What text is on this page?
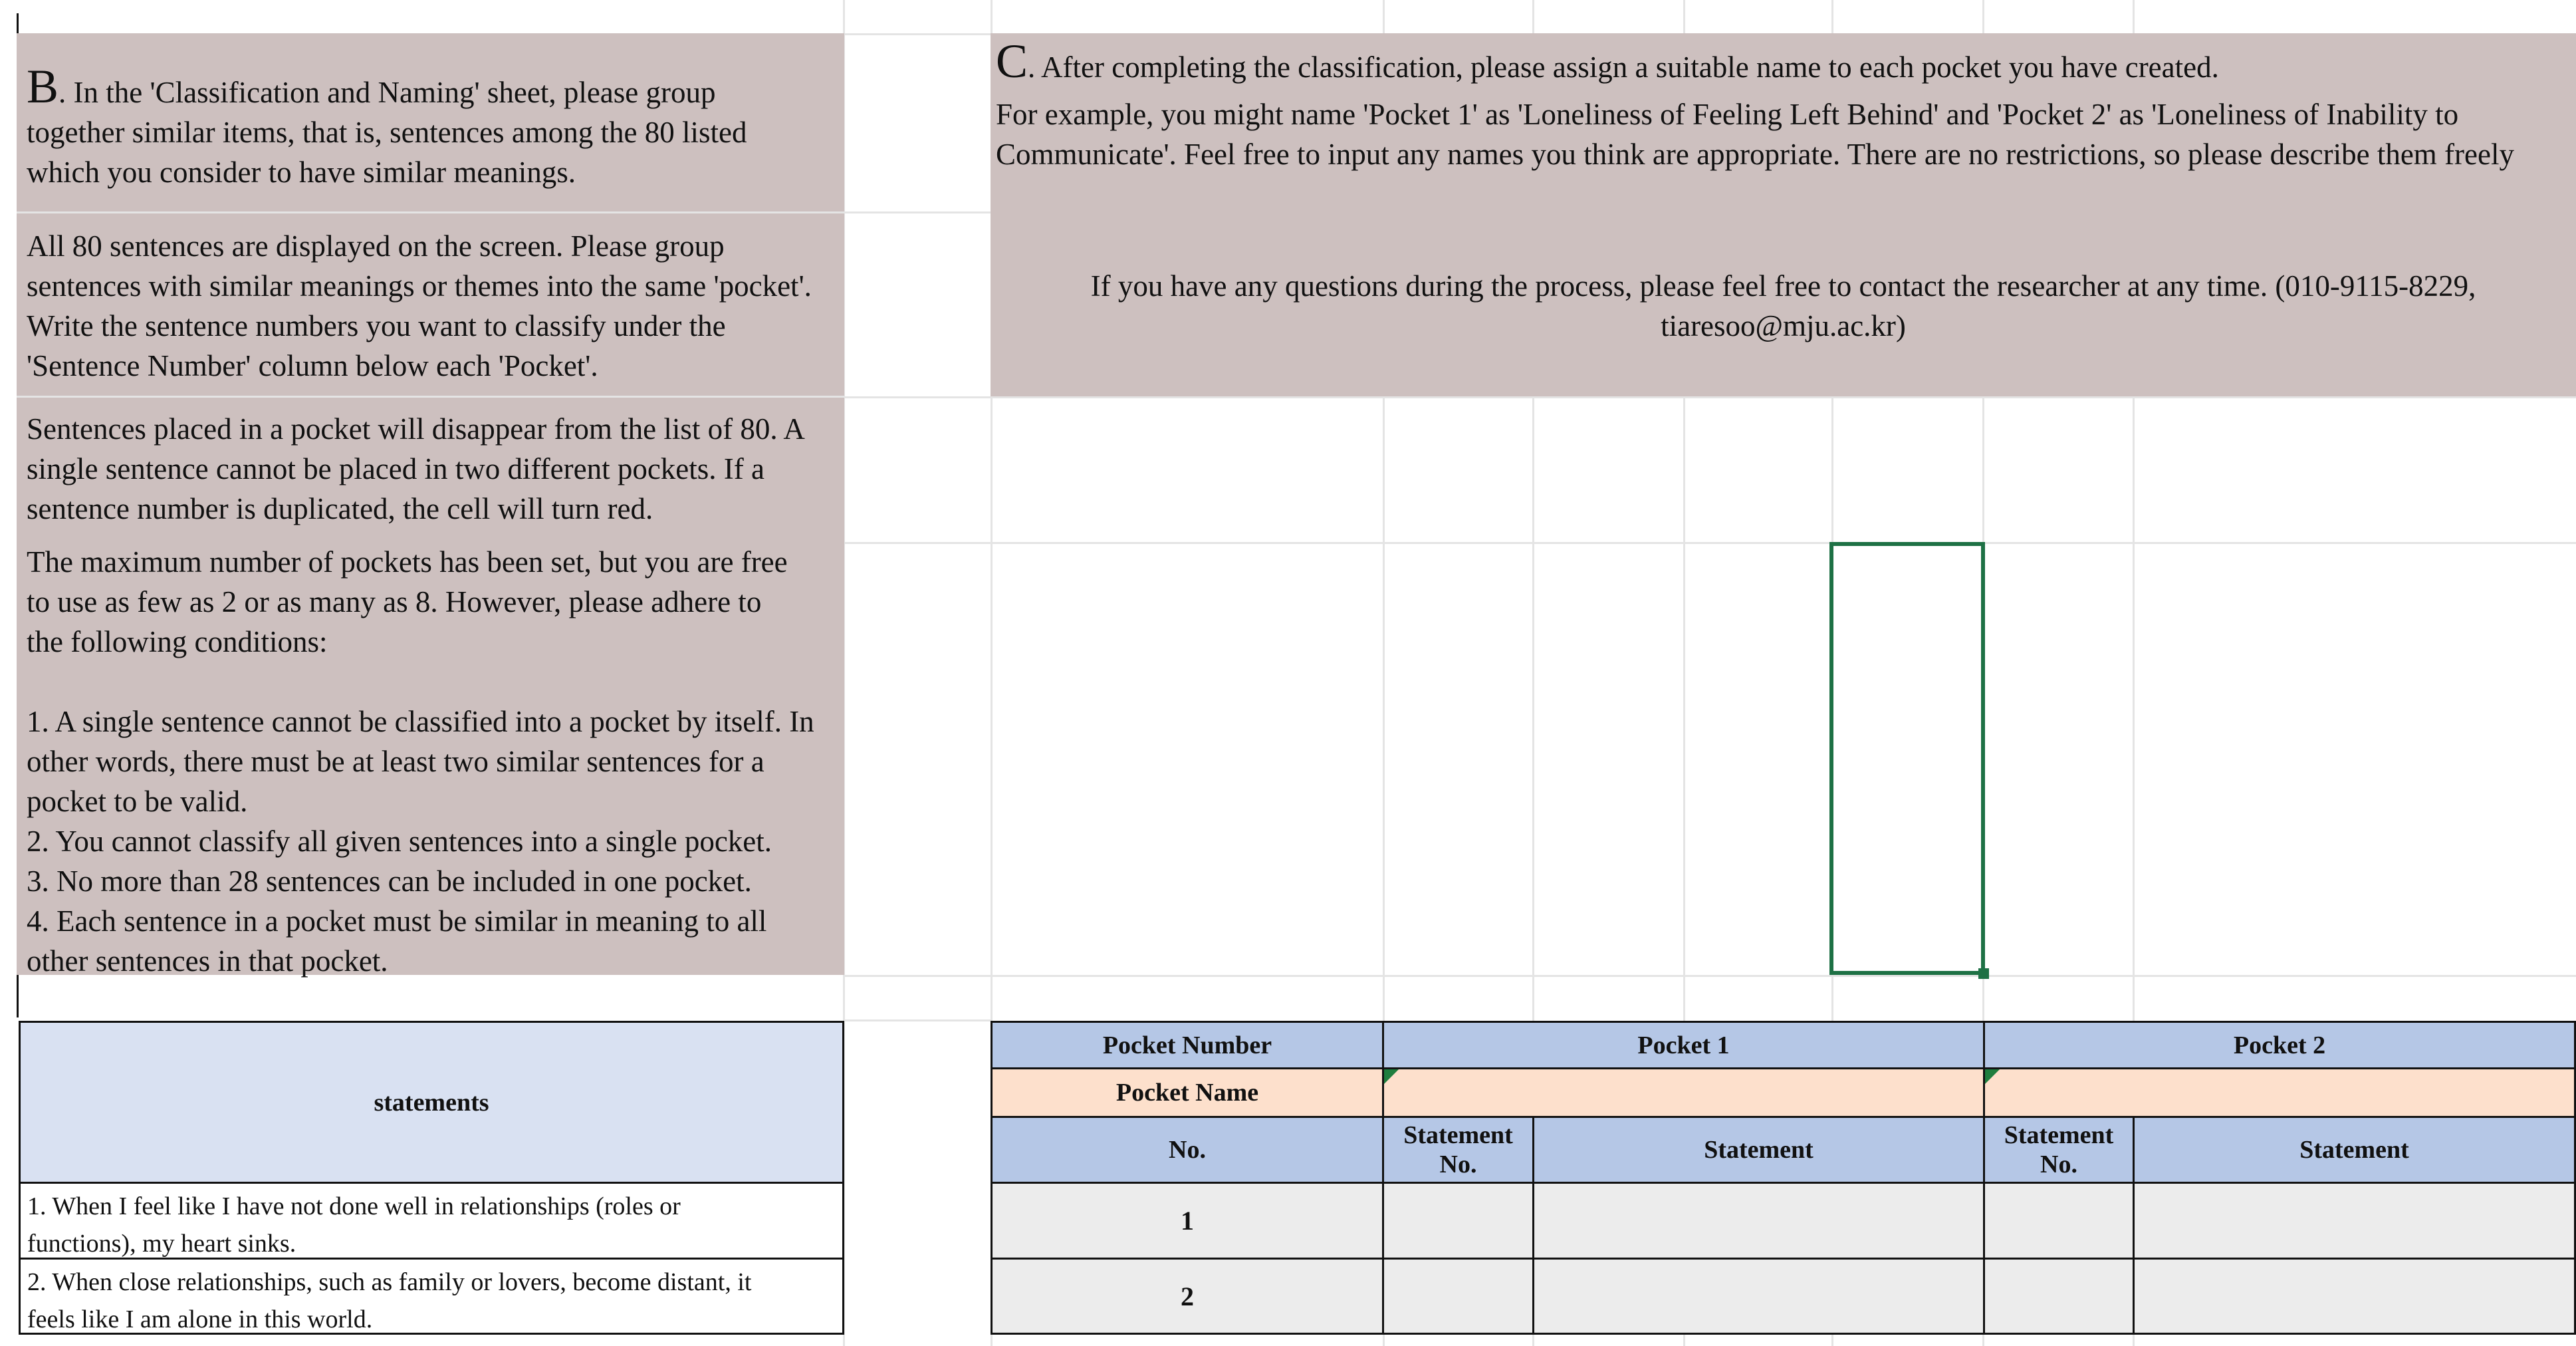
B. In the 'Classification and Naming' sheet, please group
together similar items, that is, sentences among the 80 listed
which you consider to have similar meanings.
All 80 sentences are displayed on the screen. Please group
sentences with similar meanings or themes into the same 'pocket'.
Write the sentence numbers you want to classify under the
'Sentence Number' column below each 'Pocket'.
Sentences placed in a pocket will disappear from the list of 80. A
single sentence cannot be placed in two different pockets. If a
sentence number is duplicated, the cell will turn red.
The maximum number of pockets has been set, but you are free
to use as few as 2 or as many as 8. However, please adhere to
the following conditions:
1. A single sentence cannot be classified into a pocket by itself. In
other words, there must be at least two similar sentences for a
pocket to be valid.
2. You cannot classify all given sentences into a single pocket.
3. No more than 28 sentences can be included in one pocket.
4. Each sentence in a pocket must be similar in meaning to all
other sentences in that pocket.
C. After completing the classification, please assign a suitable name to each pocket you have created.
For example, you might name 'Pocket 1' as 'Loneliness of Feeling Left Behind' and 'Pocket 2' as 'Loneliness of Inability to
Communicate'. Feel free to input any names you think are appropriate. There are no restrictions, so please describe them freely
If you have any questions during the process, please feel free to contact the researcher at any time. (010-9115-8229,
tiaresoo@mju.ac.kr)
statements
1. When I feel like I have not done well in relationships (roles or
functions), my heart sinks.
2. When close relationships, such as family or lovers, become distant, it
feels like I am alone in this world.
Pocket Number	Pocket 1	Pocket 2
Pocket Name
No.
Statement
No.
Statement
Statement
No.
Statement
1
2
